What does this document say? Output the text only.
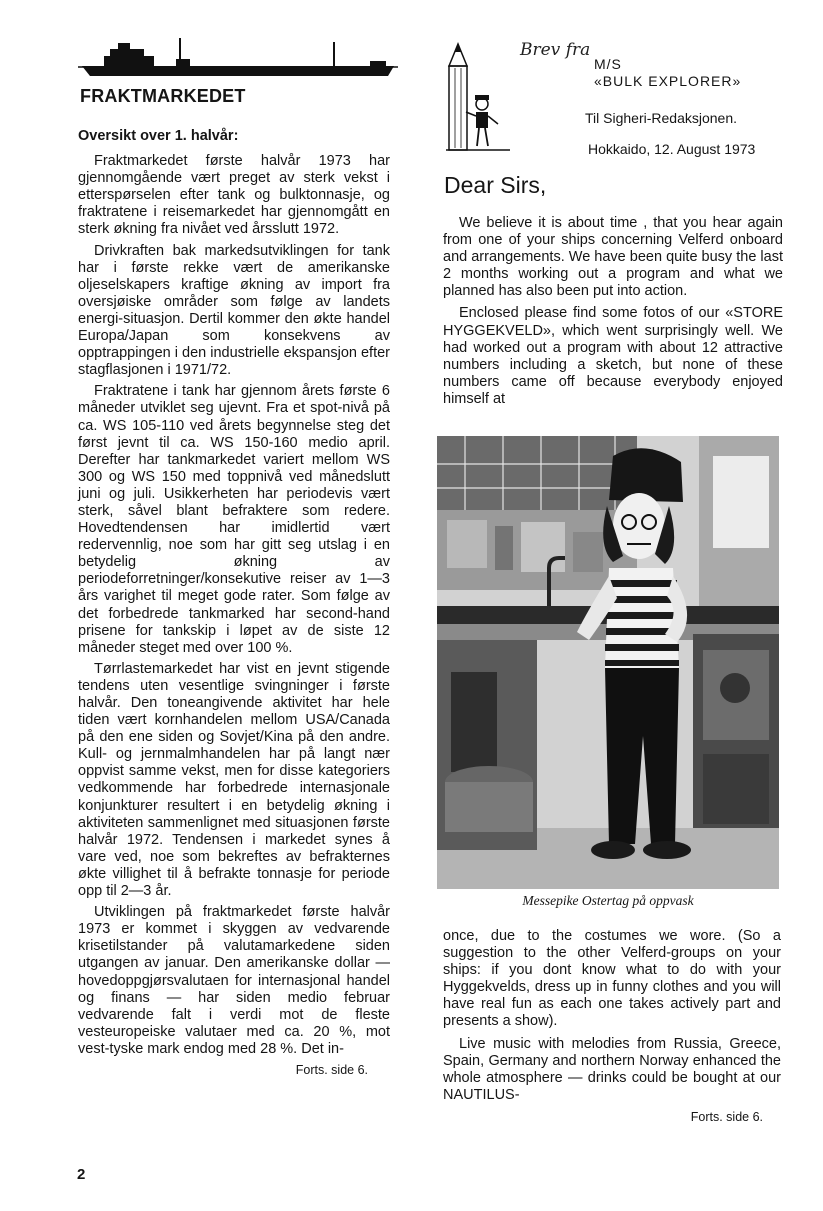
FRAKTMARKEDET
Oversikt over 1. halvår:

Fraktmarkedet første halvår 1973 har gjennomgående vært preget av sterk vekst i etterspørselen efter tank og bulktonnasje, og fraktratene i reisemarkedet har gjennomgått en sterk økning fra nivået ved årsslutt 1972.

Drivkraften bak markedsutviklingen for tank har i første rekke vært de amerikanske oljeselskapers kraftige økning av import fra oversjøiske områder som følge av landets energi-situasjon. Dertil kommer den økte handel Europa/Japan som konsekvens av opptrappingen i den industrielle ekspansjon efter stagflasjonen i 1971/72.

Fraktratene i tank har gjennom årets første 6 måneder utviklet seg ujevnt. Fra et spot-nivå på ca. WS 105-110 ved årets begynnelse steg det først jevnt til ca. WS 150-160 medio april. Derefter har tankmarkedet variert mellom WS 300 og WS 150 med toppnivå ved månedslutt juni og juli. Usikkerheten har periodevis vært sterk, såvel blant befraktere som redere. Hovedtendensen har imidlertid vært redervennlig, noe som har gitt seg utslag i en betydelig økning av periodeforretninger/konsekutive reiser av 1—3 års varighet til meget gode rater. Som følge av det forbedrede tankmarked har second-hand prisene for tankskip i løpet av de siste 12 måneder steget med over 100 %.

Tørrlastemarkedet har vist en jevnt stigende tendens uten vesentlige svingninger i første halvår. Den toneangivende aktivitet har hele tiden vært kornhandelen mellom USA/Canada på den ene siden og Sovjet/Kina på den andre. Kull- og jernmalmhandelen har på langt nær oppvist samme vekst, men for disse kategoriers vedkommende har forbedrede internasjonale konjunkturer resultert i en betydelig økning i aktiviteten sammenlignet med situasjonen første halvår 1972. Tendensen i markedet synes å vare ved, noe som bekreftes av befrakternes økte villighet til å befrakte tonnasje for periode opp til 2—3 år.

Utviklingen på fraktmarkedet første halvår 1973 er kommet i skyggen av vedvarende krisetilstander på valutamarkedene siden utgangen av januar. Den amerikanske dollar — hovedoppgjørsvalutaen for internasjonal handel og finans — har siden medio februar vedvarende falt i verdi mot de fleste vesteuropeiske valutaer med ca. 20 %, mot vest-tyske mark endog med 28 %. Det in-

Forts. side 6.

Brev fra
M/S
«BULK EXPLORER»
Til Sigheri-Redaksjonen.
Hokkaido, 12. August 1973
Dear Sirs,

We believe it is about time , that you hear again from one of your ships concerning Velferd onboard and arrangements. We have been quite busy the last 2 months working out a program and what we planned has also been put into action.

Enclosed please find some fotos of our «STORE HYGGEKVELD», which went surprisingly well. We had worked out a program with about 12 attractive numbers including a sketch, but none of these numbers came off because everybody enjoyed himself at

Messepike Ostertag på oppvask

once, due to the costumes we wore. (So a suggestion to the other Velferd-groups on your ships: if you dont know what to do with your Hyggekvelds, dress up in funny clothes and you will have real fun as each one takes actively part and presents a show).

Live music with melodies from Russia, Greece, Spain, Germany and northern Norway enhanced the whole atmosphere — drinks could be bought at our NAUTILUS-

Forts. side 6.

2
